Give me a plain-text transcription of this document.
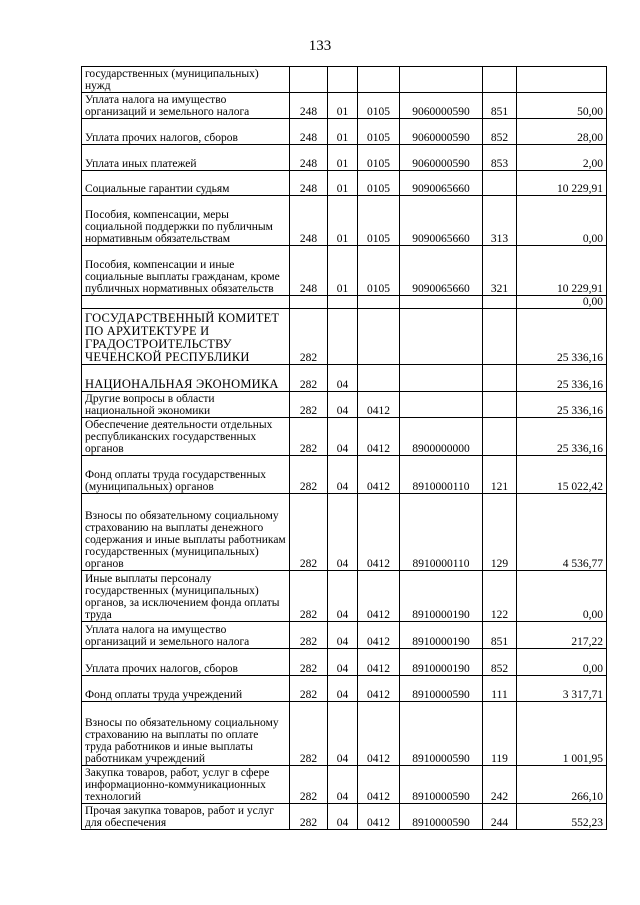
133
государственных (муниципальных) нужд						
Уплата налога на имущество организаций и земельного налога	248	01	0105	9060000590	851	50,00
Уплата прочих налогов, сборов	248	01	0105	9060000590	852	28,00
Уплата иных платежей	248	01	0105	9060000590	853	2,00
Социальные гарантии судьям	248	01	0105	9090065660		10 229,91
Пособия, компенсации, меры социальной поддержки по публичным нормативным обязательствам	248	01	0105	9090065660	313	0,00
Пособия, компенсации и иные социальные выплаты гражданам, кроме публичных нормативных обязательств	248	01	0105	9090065660	321	10 229,91
						0,00
ГОСУДАРСТВЕННЫЙ КОМИТЕТ ПО АРХИТЕКТУРЕ И ГРАДОСТРОИТЕЛЬСТВУ ЧЕЧЕНСКОЙ РЕСПУБЛИКИ	282					25 336,16
НАЦИОНАЛЬНАЯ ЭКОНОМИКА	282	04				25 336,16
Другие вопросы в области национальной экономики	282	04	0412			25 336,16
Обеспечение деятельности отдельных республиканских государственных органов	282	04	0412	8900000000		25 336,16
Фонд оплаты труда государственных (муниципальных) органов	282	04	0412	8910000110	121	15 022,42
Взносы по обязательному социальному страхованию на выплаты денежного содержания и иные выплаты работникам государственных (муниципальных) органов	282	04	0412	8910000110	129	4 536,77
Иные выплаты персоналу государственных (муниципальных) органов, за исключением фонда оплаты труда	282	04	0412	8910000190	122	0,00
Уплата налога на имущество организаций и земельного налога	282	04	0412	8910000190	851	217,22
Уплата прочих налогов, сборов	282	04	0412	8910000190	852	0,00
Фонд оплаты труда учреждений	282	04	0412	8910000590	111	3 317,71
Взносы по обязательному социальному страхованию на выплаты по оплате труда работников и иные выплаты работникам учреждений	282	04	0412	8910000590	119	1 001,95
Закупка товаров, работ, услуг в сфере информационно-коммуникационных технологий	282	04	0412	8910000590	242	266,10
Прочая закупка товаров, работ и услуг для обеспечения	282	04	0412	8910000590	244	552,23
